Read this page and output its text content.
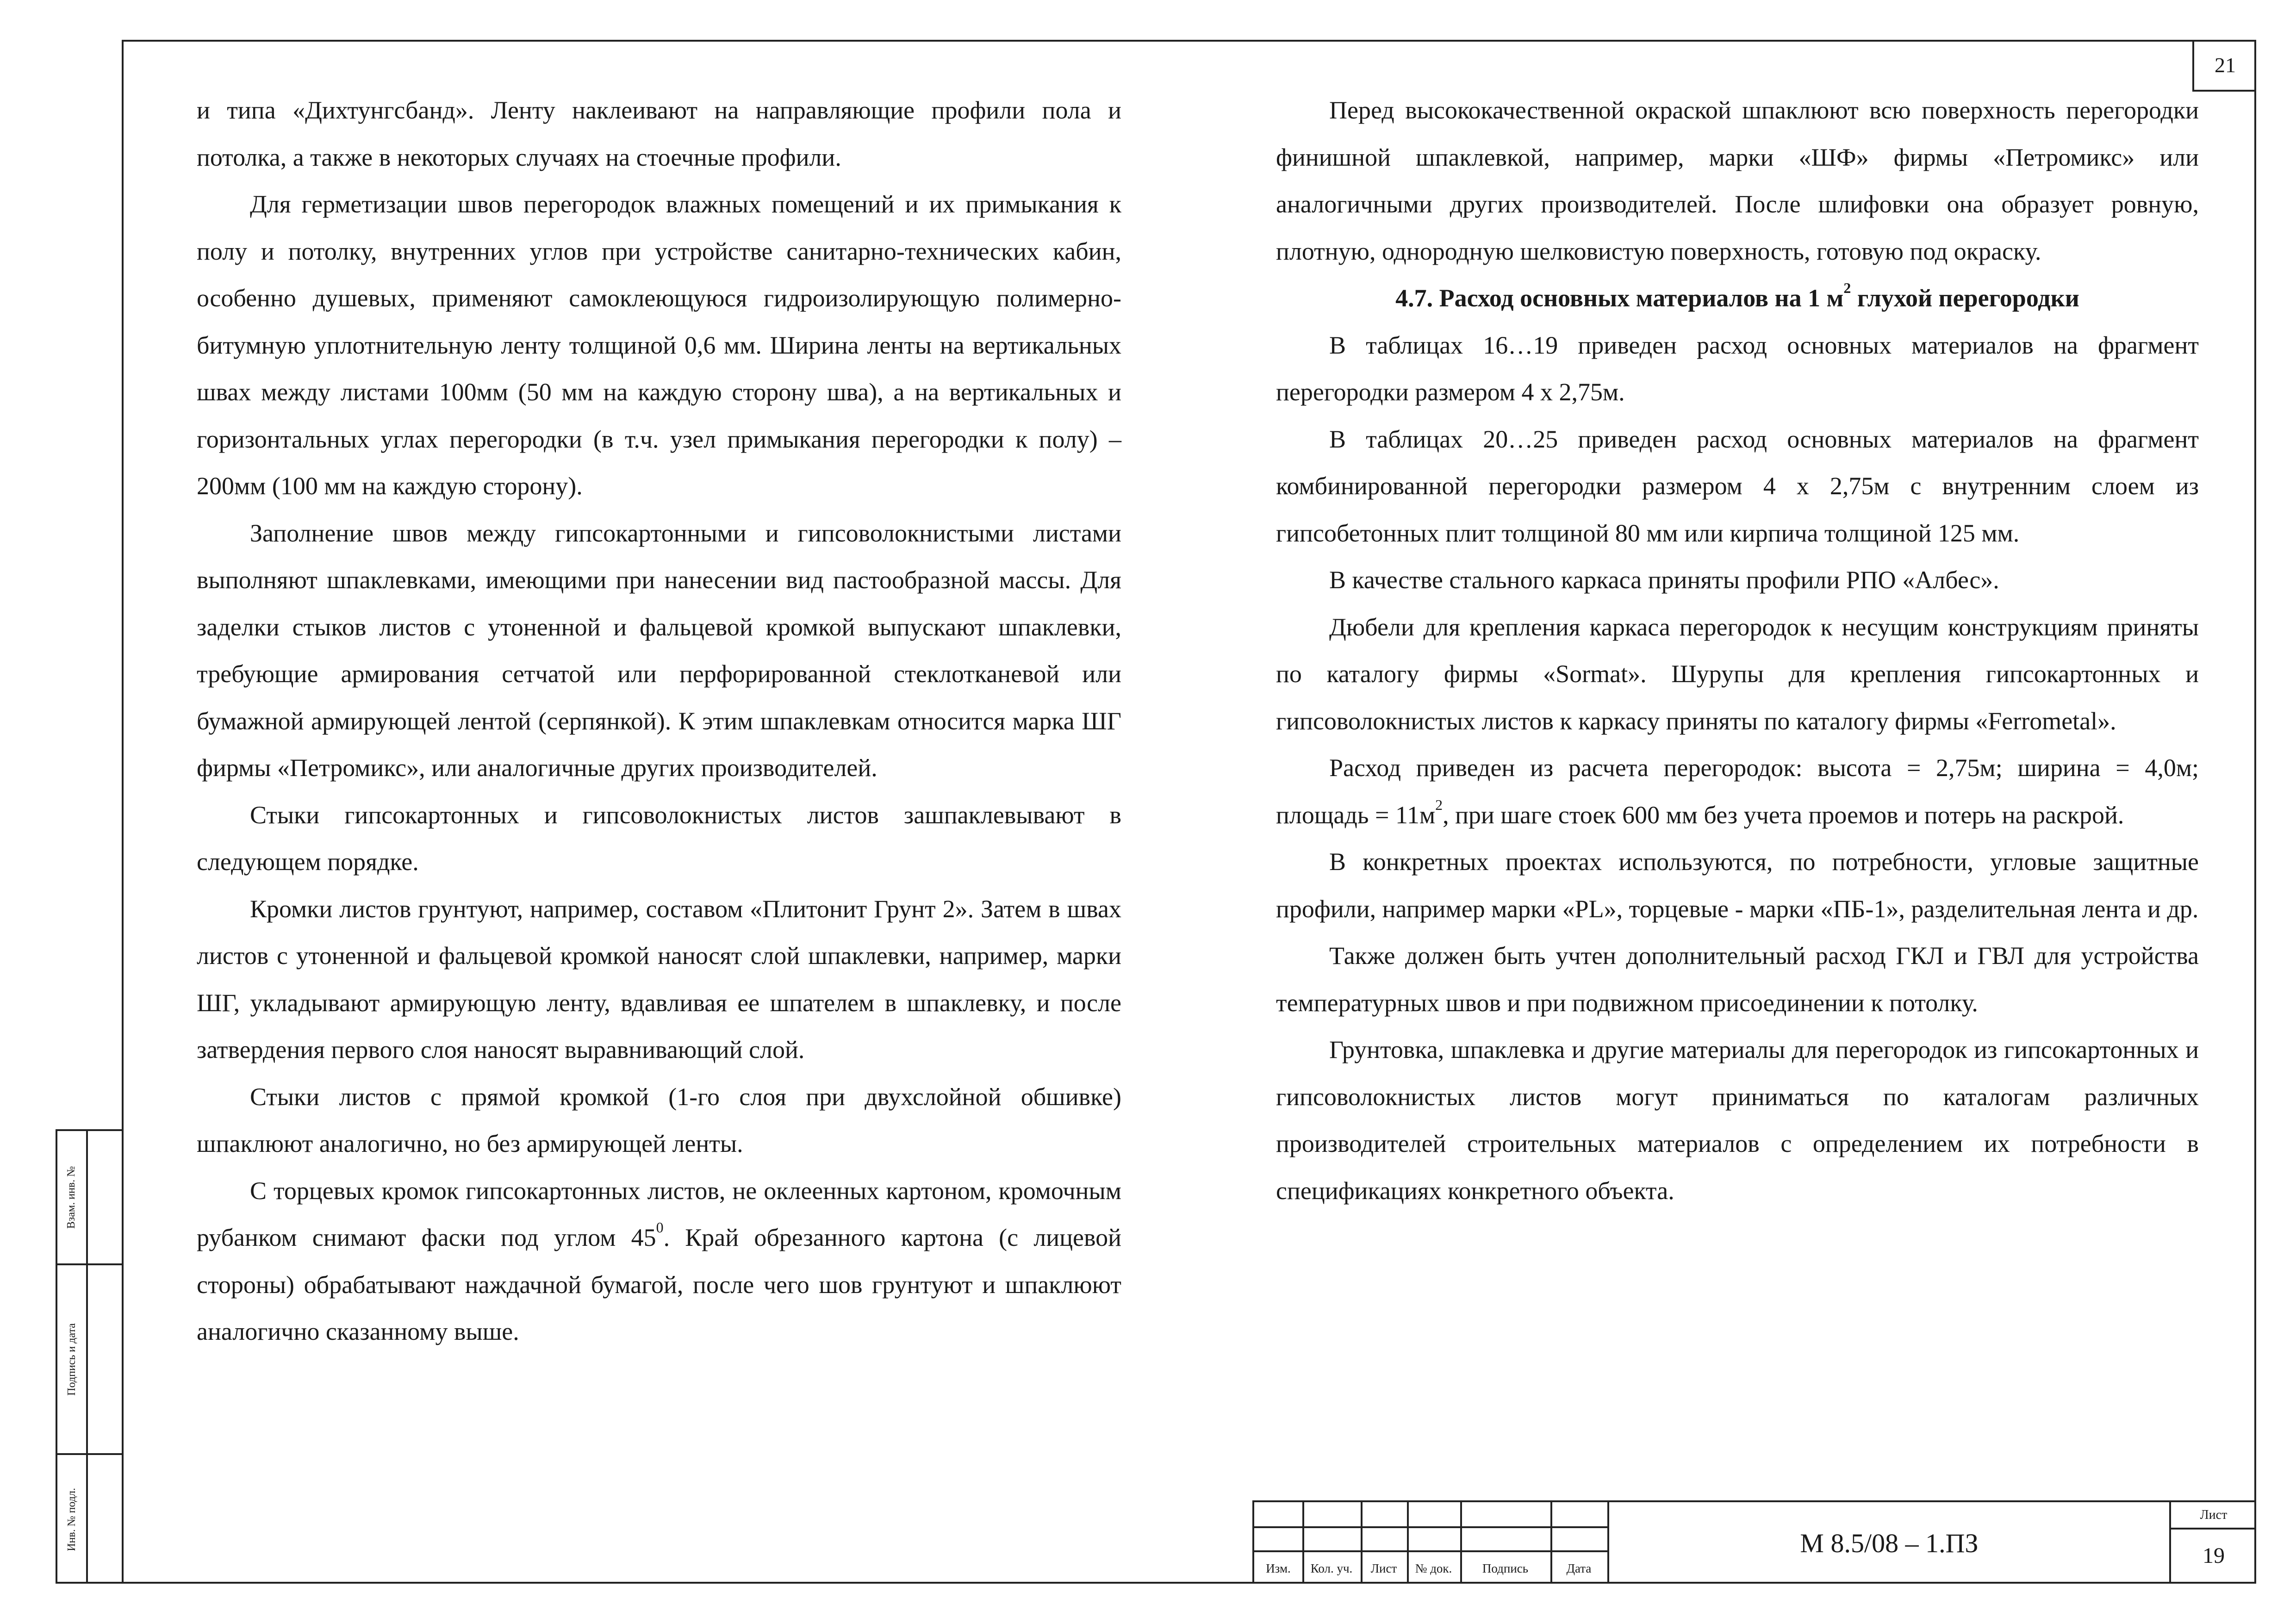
21
Взам. инв. №
Подпись и дата
Инв. № подл.

и типа «Дихтунгсбанд». Ленту наклеивают на направляющие профили пола и потолка, а также в некоторых случаях на стоечные профили.

Для герметизации швов перегородок влажных помещений и их примыкания к полу и потолку, внутренних углов при устройстве санитарно-технических кабин, особенно душевых, применяют самоклеющуюся гидроизолирующую полимерно-битумную уплотнительную ленту толщиной 0,6 мм. Ширина ленты на вертикальных швах между листами 100мм (50 мм на каждую сторону шва), а на вертикальных и горизонтальных углах перегородки (в т.ч. узел примыкания перегородки к полу) – 200мм (100 мм на каждую сторону).

Заполнение швов между гипсокартонными и гипсоволокнистыми листами выполняют шпаклевками, имеющими при нанесении вид пастообразной массы. Для заделки стыков листов с утоненной и фальцевой кромкой выпускают шпаклевки, требующие армирования сетчатой или перфорированной стеклотканевой или бумажной армирующей лентой (серпянкой). К этим шпаклевкам относится марка ШГ фирмы «Петромикс», или аналогичные других производителей.

Стыки гипсокартонных и гипсоволокнистых листов зашпаклевывают в следующем порядке.

Кромки листов грунтуют, например, составом «Плитонит Грунт 2». Затем в швах листов с утоненной и фальцевой кромкой наносят слой шпаклевки, например, марки ШГ, укладывают армирующую ленту, вдавливая ее шпателем в шпаклевку, и после затвердения первого слоя наносят выравнивающий слой.

Стыки листов с прямой кромкой (1-го слоя при двухслойной обшивке) шпаклюют аналогично, но без армирующей ленты.

С торцевых кромок гипсокартонных листов, не оклеенных картоном, кромочным рубанком снимают фаски под углом $45^0$. Край обрезанного картона (с лицевой стороны) обрабатывают наждачной бумагой, после чего шов грунтуют и шпаклюют аналогично сказанному выше.

Перед высококачественной окраской шпаклюют всю поверхность перегородки финишной шпаклевкой, например, марки «ШФ» фирмы «Петромикс» или аналогичными других производителей. После шлифовки она образует ровную, плотную, однородную шелковистую поверхность, готовую под окраску.

4.7. Расход основных материалов на 1 $м^2$ глухой перегородки

В таблицах 16…19 приведен расход основных материалов на фрагмент перегородки размером 4 х 2,75м.

В таблицах 20…25 приведен расход основных материалов на фрагмент комбинированной перегородки размером 4 х 2,75м с внутренним слоем из гипсобетонных плит толщиной 80 мм или кирпича толщиной 125 мм.

В качестве стального каркаса приняты профили РПО «Албес».

Дюбели для крепления каркаса перегородок к несущим конструкциям приняты по каталогу фирмы «Sormat». Шурупы для крепления гипсокартонных и гипсоволокнистых листов к каркасу приняты по каталогу фирмы «Ferrometal».

Расход приведен из расчета перегородок: высота = 2,75м; ширина = 4,0м; площадь = $11м^2$, при шаге стоек 600 мм без учета проемов и потерь на раскрой.

В конкретных проектах используются, по потребности, угловые защитные профили, например марки «PL», торцевые - марки «ПБ-1», разделительная лента и др.

Также должен быть учтен дополнительный расход ГКЛ и ГВЛ для устройства температурных швов и при подвижном присоединении к потолку.

Грунтовка, шпаклевка и другие материалы для перегородок из гипсокартонных и гипсоволокнистых листов могут приниматься по каталогам различных производителей строительных материалов с определением их потребности в спецификациях конкретного объекта.

Изм.	Кол. уч.	Лист	№ док.	Подпись	Дата
М 8.5/08 – 1.ПЗ
Лист
19
